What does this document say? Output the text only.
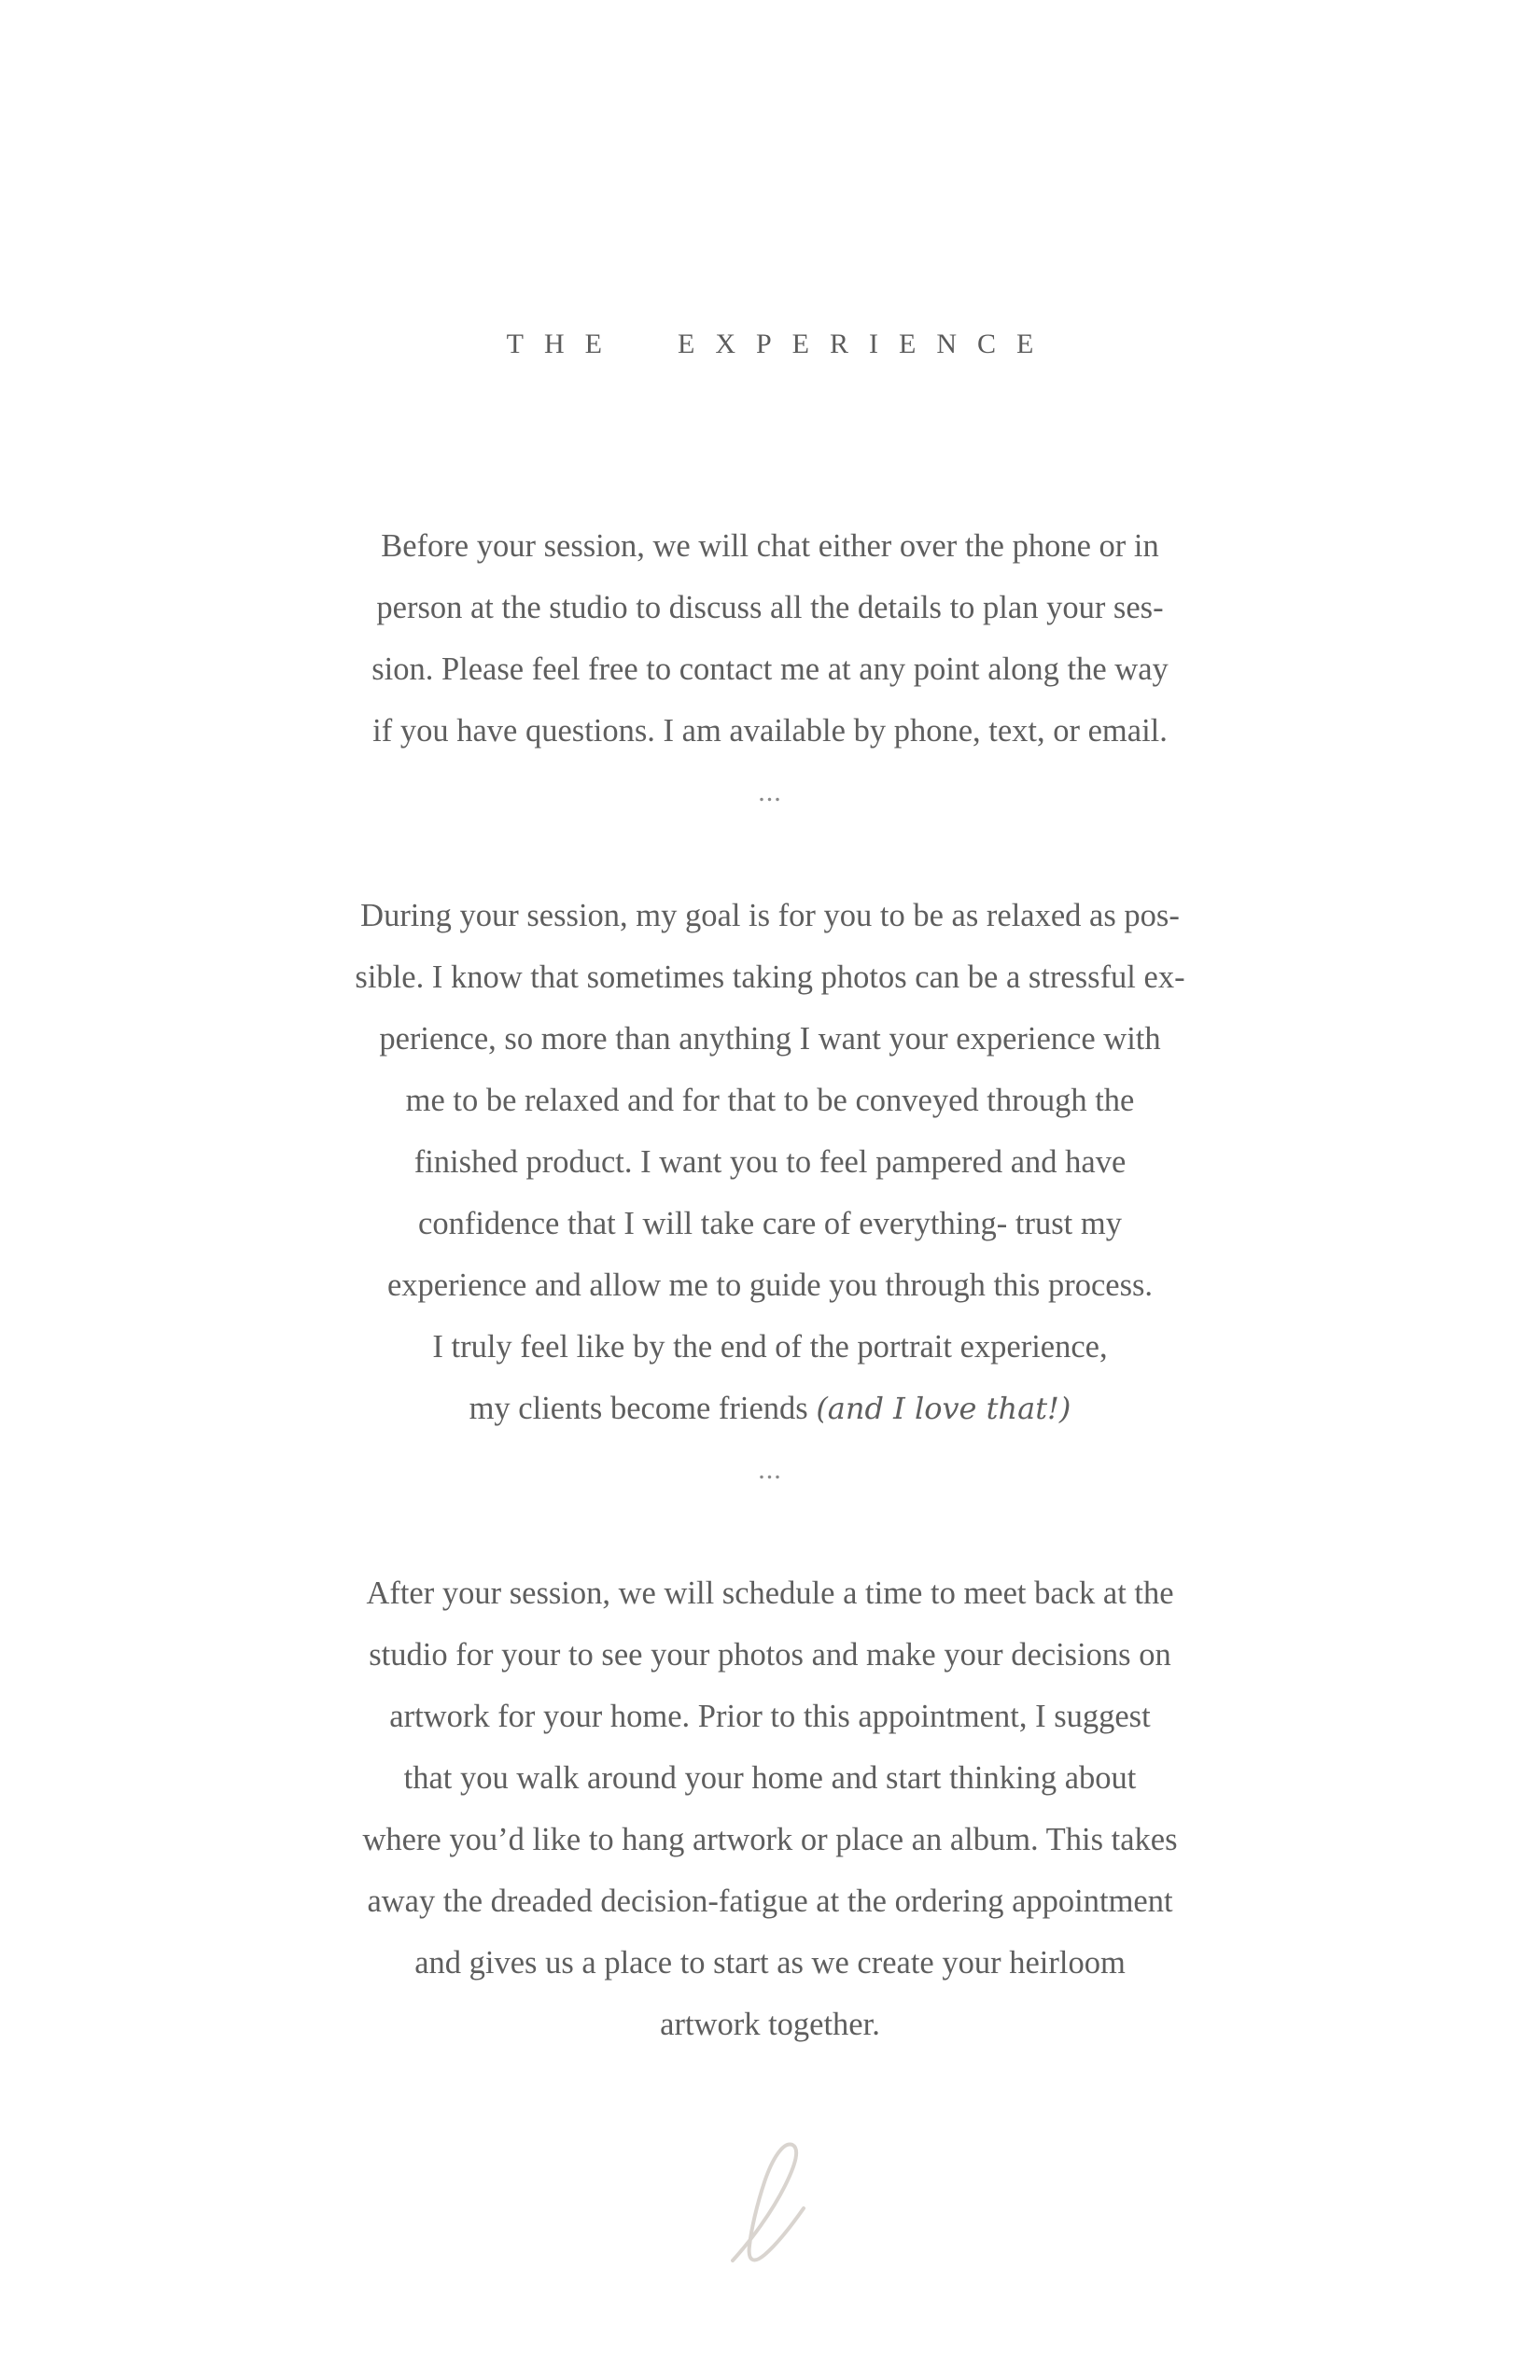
THE  EXPERIENCE
Before your session, we will chat either over the phone or in
person at the studio to discuss all the details to plan your ses-
sion. Please feel free to contact me at any point along the way
if you have questions. I am available by phone, text, or email.
...
During your session, my goal is for you to be as relaxed as pos-
sible. I know that sometimes taking photos can be a stressful ex-
perience, so more than anything I want your experience with
me to be relaxed and for that to be conveyed through the
finished product. I want you to feel pampered and have
confidence that I will take care of everything- trust my
experience and allow me to guide you through this process.
I truly feel like by the end of the portrait experience,
my clients become friends (and I love that!)
...
After your session, we will schedule a time to meet back at the
studio for your to see your photos and make your decisions on
artwork for your home. Prior to this appointment, I suggest
that you walk around your home and start thinking about
where you’d like to hang artwork or place an album. This takes
away the dreaded decision-fatigue at the ordering appointment
and gives us a place to start as we create your heirloom
artwork together.
